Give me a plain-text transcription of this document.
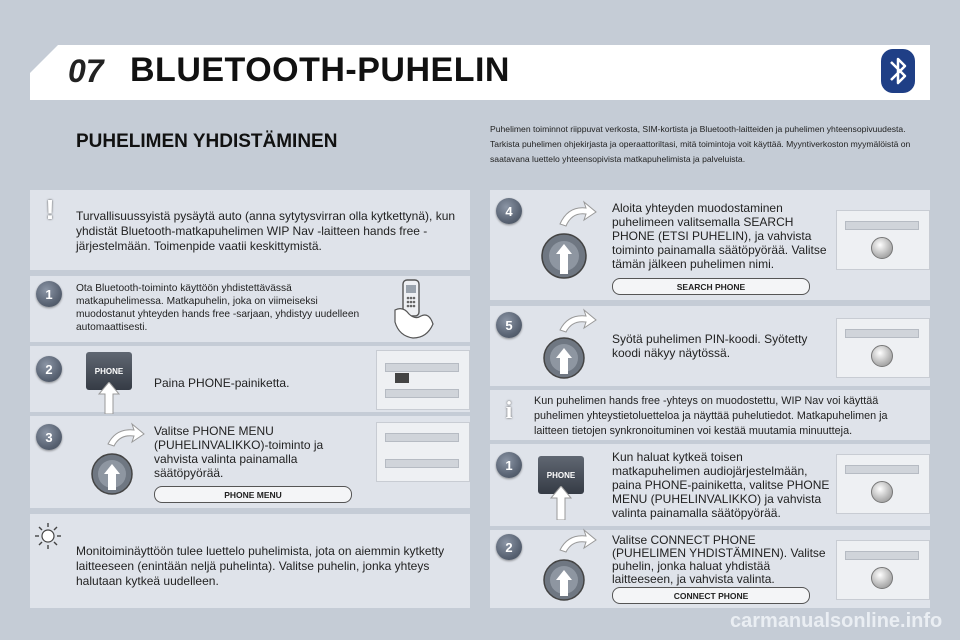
07 BLUETOOTH-PUHELIN
PUHELIMEN YHDISTÄMINEN
Puhelimen toiminnot riippuvat verkosta, SIM-kortista ja Bluetooth-laitteiden ja puhelimen yhteensopivuudesta. Tarkista puhelimen ohjekirjasta ja operaattoriltasi, mitä toimintoja voit käyttää. Myyntiverkoston myymälöistä on saatavana luettelo yhteensopivista matkapuhelimista ja palveluista.
!	Turvallisuussyistä pysäytä auto (anna sytytysvirran olla kytkettynä), kun yhdistät Bluetooth-matkapuhelimen WIP Nav -laitteen hands free -järjestelmään. Toimenpide vaatii keskittymistä.
1	Ota Bluetooth-toiminto käyttöön yhdistettävässä matkapuhelimessa. Matkapuhelin, joka on viimeiseksi muodostanut yhteyden hands free -sarjaan, yhdistyy uudelleen automaattisesti.
2	PHONE
Paina PHONE-painiketta.
3	Valitse PHONE MENU (PUHELINVALIKKO)-toiminto ja vahvista valinta painamalla säätöpyörää.
PHONE MENU
Monitoiminäyttöön tulee luettelo puhelimista, jota on aiemmin kytketty laitteeseen (enintään neljä puhelinta). Valitse puhelin, jonka yhteys halutaan kytkeä uudelleen.
4	Aloita yhteyden muodostaminen puhelimeen valitsemalla SEARCH PHONE (ETSI PUHELIN), ja vahvista toiminto painamalla säätöpyörää. Valitse tämän jälkeen puhelimen nimi.
SEARCH PHONE
5
Syötä puhelimen PIN-koodi. Syötetty koodi näkyy näytössä.
i	Kun puhelimen hands free -yhteys on muodostettu, WIP Nav voi käyttää puhelimen yhteystietoluetteloa ja näyttää puhelutiedot. Matkapuhelimen ja laitteen tietojen synkronoituminen voi kestää muutamia minuutteja.
1
PHONE
Kun haluat kytkeä toisen matkapuhelimen audiojärjestelmään, paina PHONE-painiketta, valitse PHONE MENU (PUHELINVALIKKO) ja vahvista valinta painamalla säätöpyörää.
2	Valitse CONNECT PHONE (PUHELIMEN YHDISTÄMINEN). Valitse puhelin, jonka haluat yhdistää laitteeseen, ja vahvista valinta.
CONNECT PHONE
carmanualsonline.info
